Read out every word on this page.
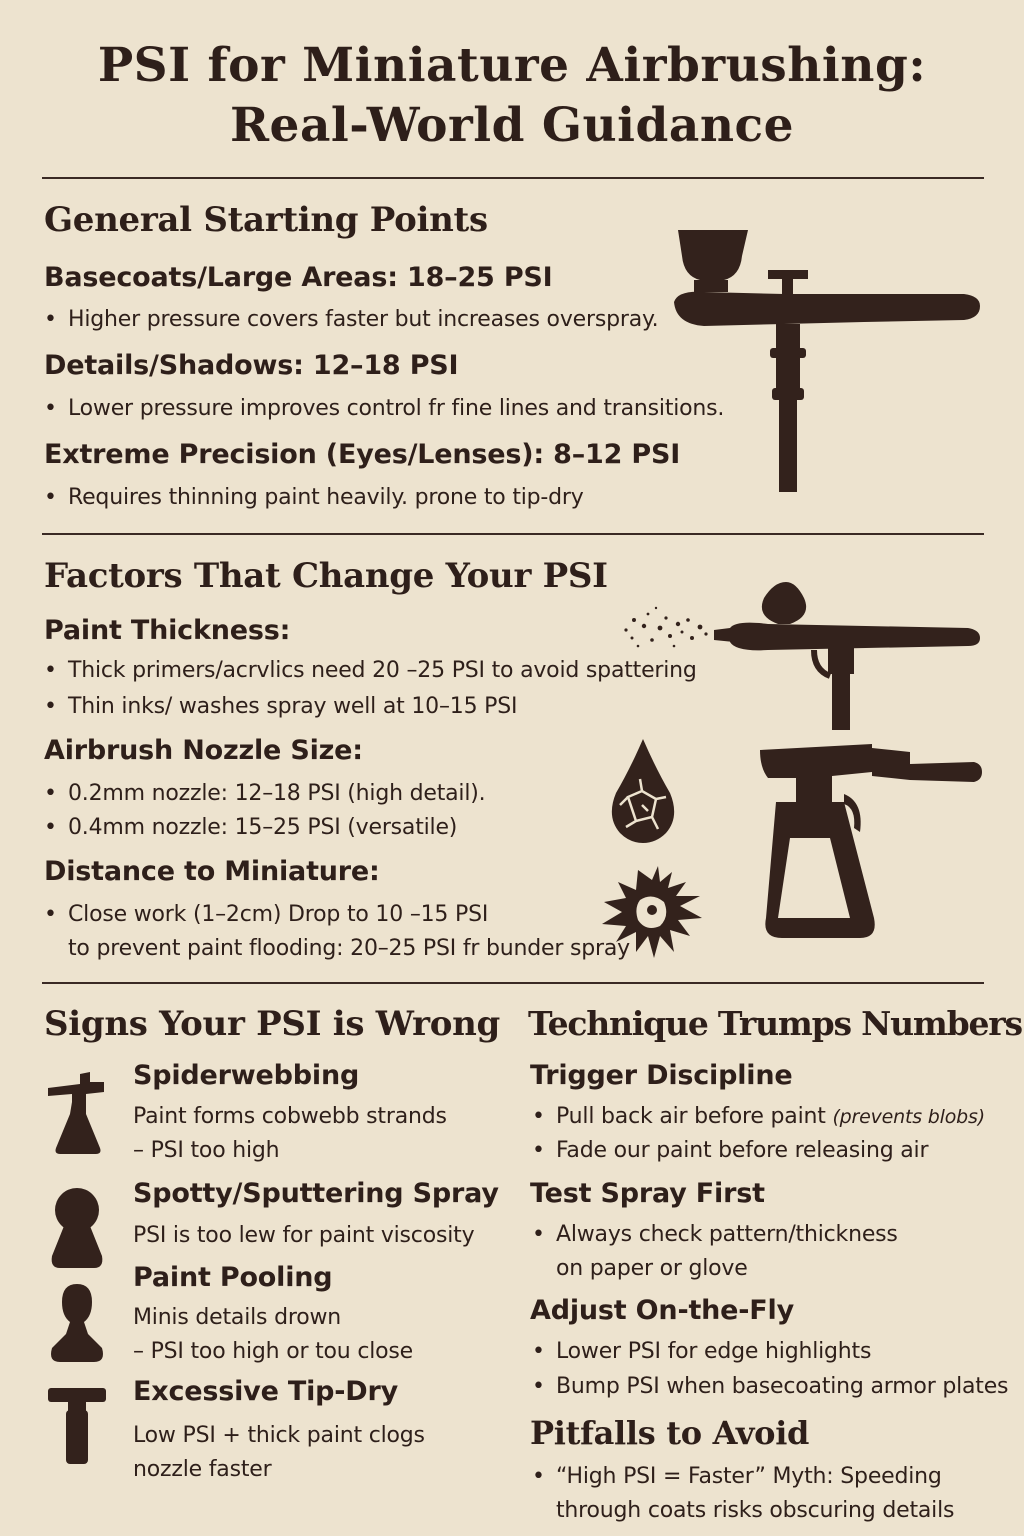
PSI for Miniature Airbrushing:
Real-World Guidance
General Starting Points
Basecoats/Large Areas: 18–25 PSI
• Higher pressure covers faster but increases overspray.
Details/Shadows: 12–18 PSI
• Lower pressure improves control fr fine lines and transitions.
Extreme Precision (Eyes/Lenses): 8–12 PSI
• Requires thinning paint heavily. prone to tip-dry
Factors That Change Your PSI
Paint Thickness:
• Thick primers/acrvlics need 20 –25 PSI to avoid spattering
• Thin inks/ washes spray well at 10–15 PSI
Airbrush Nozzle Size:
• 0.2mm nozzle: 12–18 PSI (high detail).
• 0.4mm nozzle: 15–25 PSI (versatile)
Distance to Miniature:
• Close work (1–2cm) Drop to 10 –15 PSI
to prevent paint flooding: 20–25 PSI fr bunder spray
Signs Your PSI is Wrong
Spiderwebbing
Paint forms cobwebb strands
– PSI too high
Spotty/Sputtering Spray
PSI is too lew for paint viscosity
Paint Pooling
Minis details drown
– PSI too high or tou close
Excessive Tip-Dry
Low PSI + thick paint clogs
nozzle faster
Technique Trumps Numbers
Trigger Discipline
• Pull back air before paint (prevents blobs)
• Fade our paint before releasing air
Test Spray First
• Always check pattern/thickness
on paper or glove
Adjust On-the-Fly
• Lower PSI for edge highlights
• Bump PSI when basecoating armor plates
Pitfalls to Avoid
• “High PSI = Faster” Myth: Speeding
through coats risks obscuring details
